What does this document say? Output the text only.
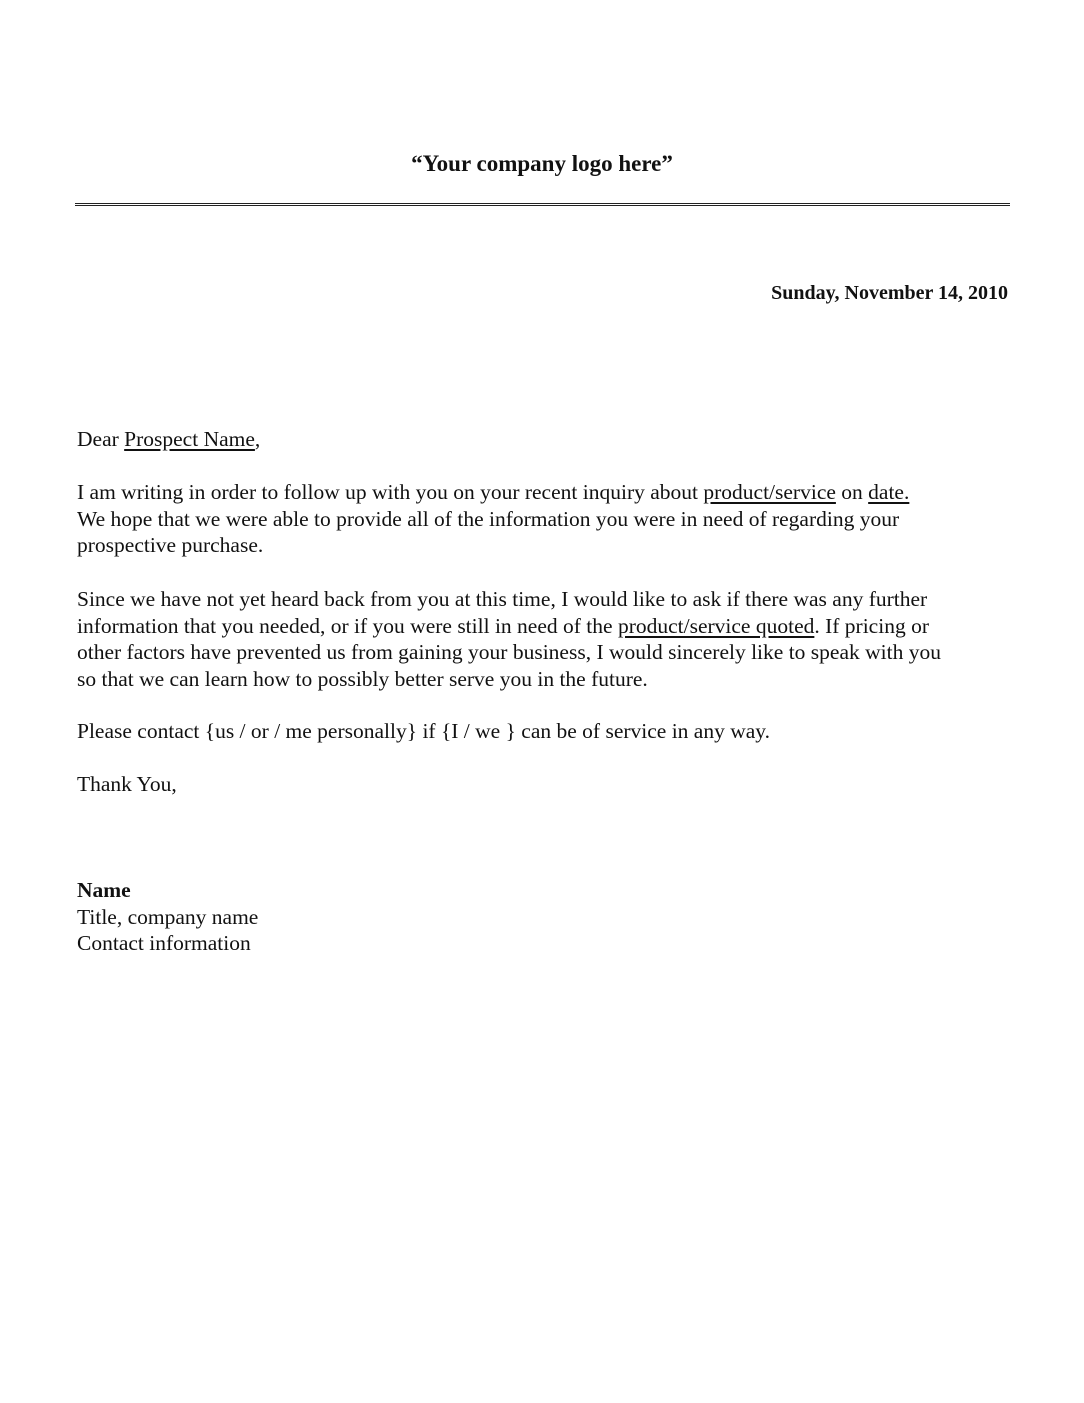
“Your company logo here”
Sunday, November 14, 2010
Dear Prospect Name,
I am writing in order to follow up with you on your recent inquiry about product/service on date.
We hope that we were able to provide all of the information you were in need of regarding your
prospective purchase.
Since we have not yet heard back from you at this time, I would like to ask if there was any further
information that you needed, or if you were still in need of the product/service quoted. If pricing or
other factors have prevented us from gaining your business, I would sincerely like to speak with you
so that we can learn how to possibly better serve you in the future.
Please contact {us / or / me personally} if {I / we } can be of service in any way.
Thank You,
Name
Title, company name
Contact information
